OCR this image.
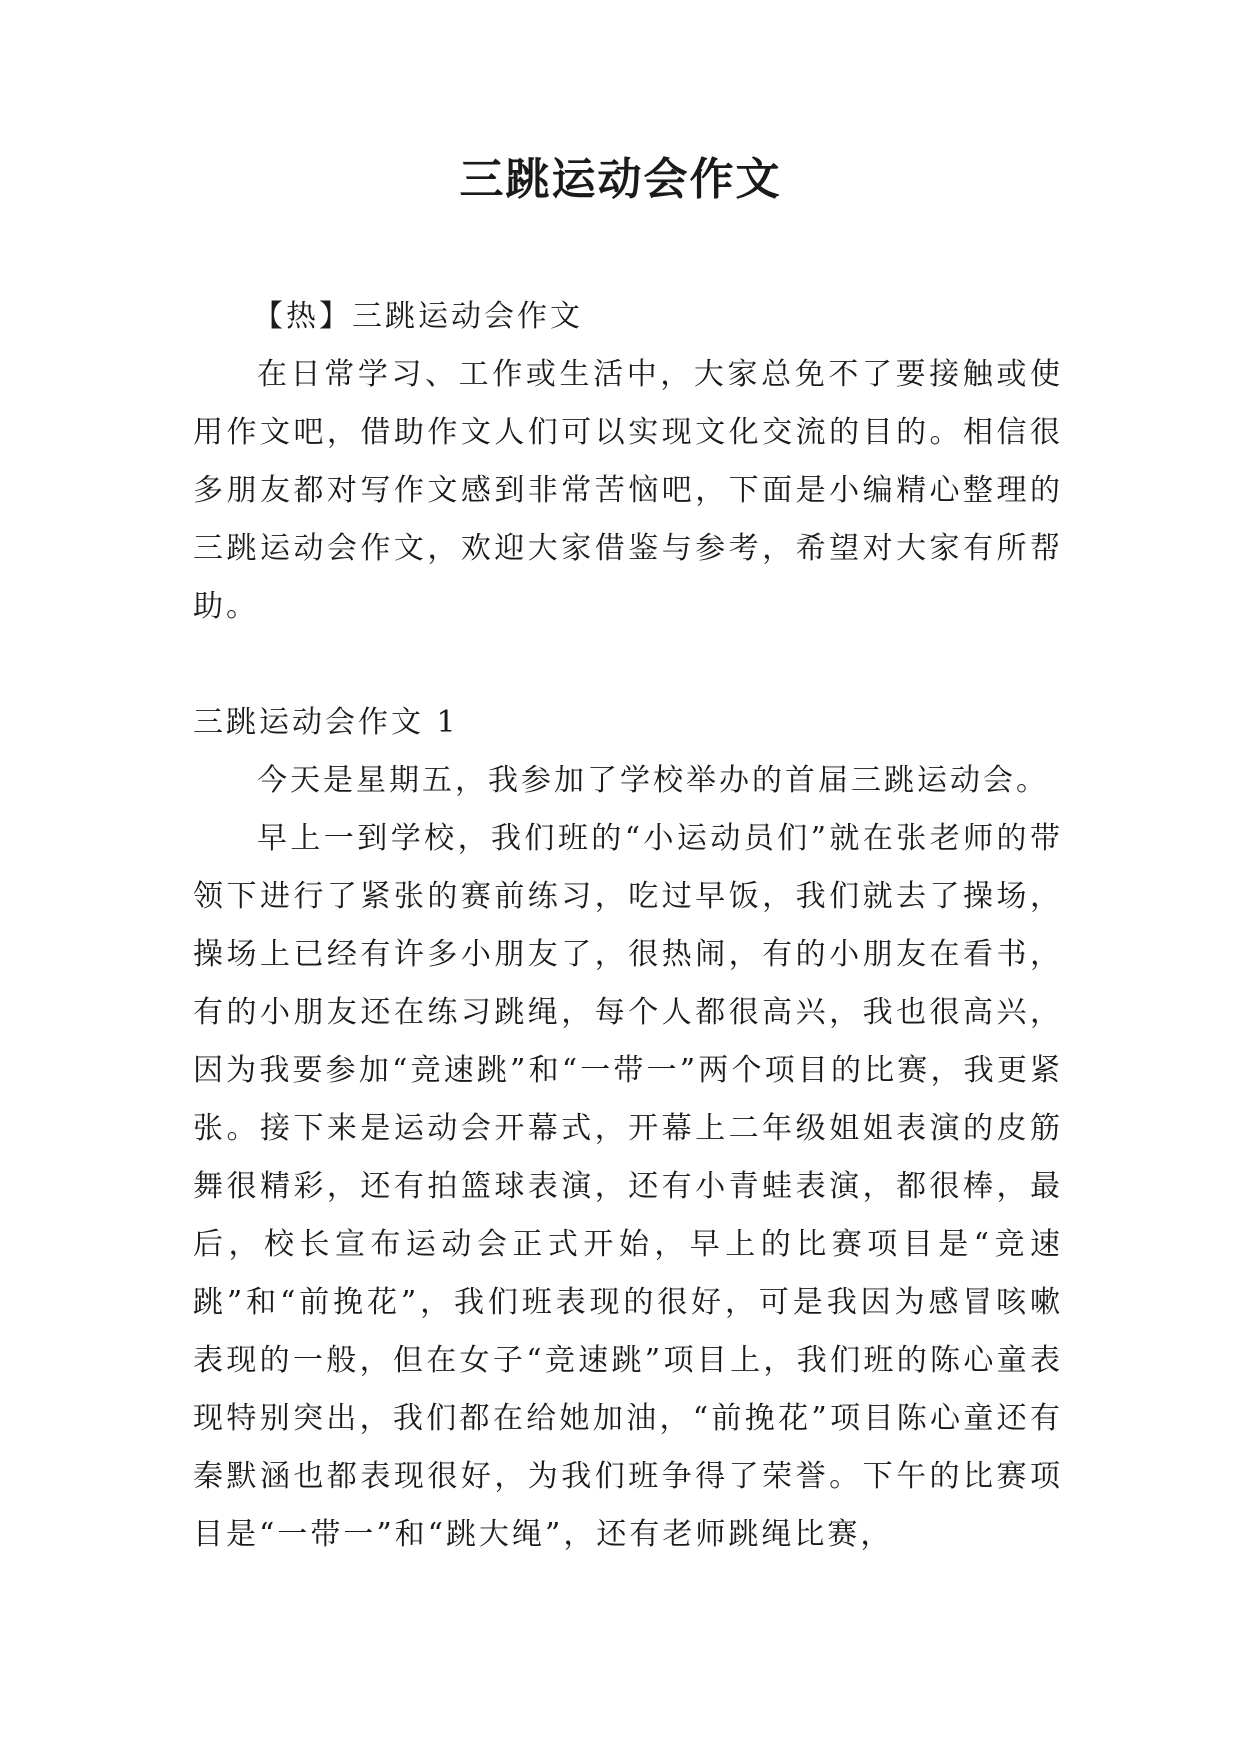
三跳运动会作文
【热】三跳运动会作文
在日常学习、工作或生活中，大家总免不了要接触或使用作文吧，借助作文人们可以实现文化交流的目的。相信很多朋友都对写作文感到非常苦恼吧，下面是小编精心整理的三跳运动会作文，欢迎大家借鉴与参考，希望对大家有所帮助。
三跳运动会作文 1
今天是星期五，我参加了学校举办的首届三跳运动会。
早上一到学校，我们班的“小运动员们”就在张老师的带领下进行了紧张的赛前练习，吃过早饭，我们就去了操场，操场上已经有许多小朋友了，很热闹，有的小朋友在看书，有的小朋友还在练习跳绳，每个人都很高兴，我也很高兴，因为我要参加“竞速跳”和“一带一”两个项目的比赛，我更紧张。接下来是运动会开幕式，开幕上二年级姐姐表演的皮筋舞很精彩，还有拍篮球表演，还有小青蛙表演，都很棒，最后，校长宣布运动会正式开始，早上的比赛项目是“竞速跳”和“前挽花”，我们班表现的很好，可是我因为感冒咳嗽表现的一般，但在女子“竞速跳”项目上，我们班的陈心童表现特别突出，我们都在给她加油，“前挽花”项目陈心童还有秦默涵也都表现很好，为我们班争得了荣誉。下午的比赛项目是“一带一”和“跳大绳”，还有老师跳绳比赛，
